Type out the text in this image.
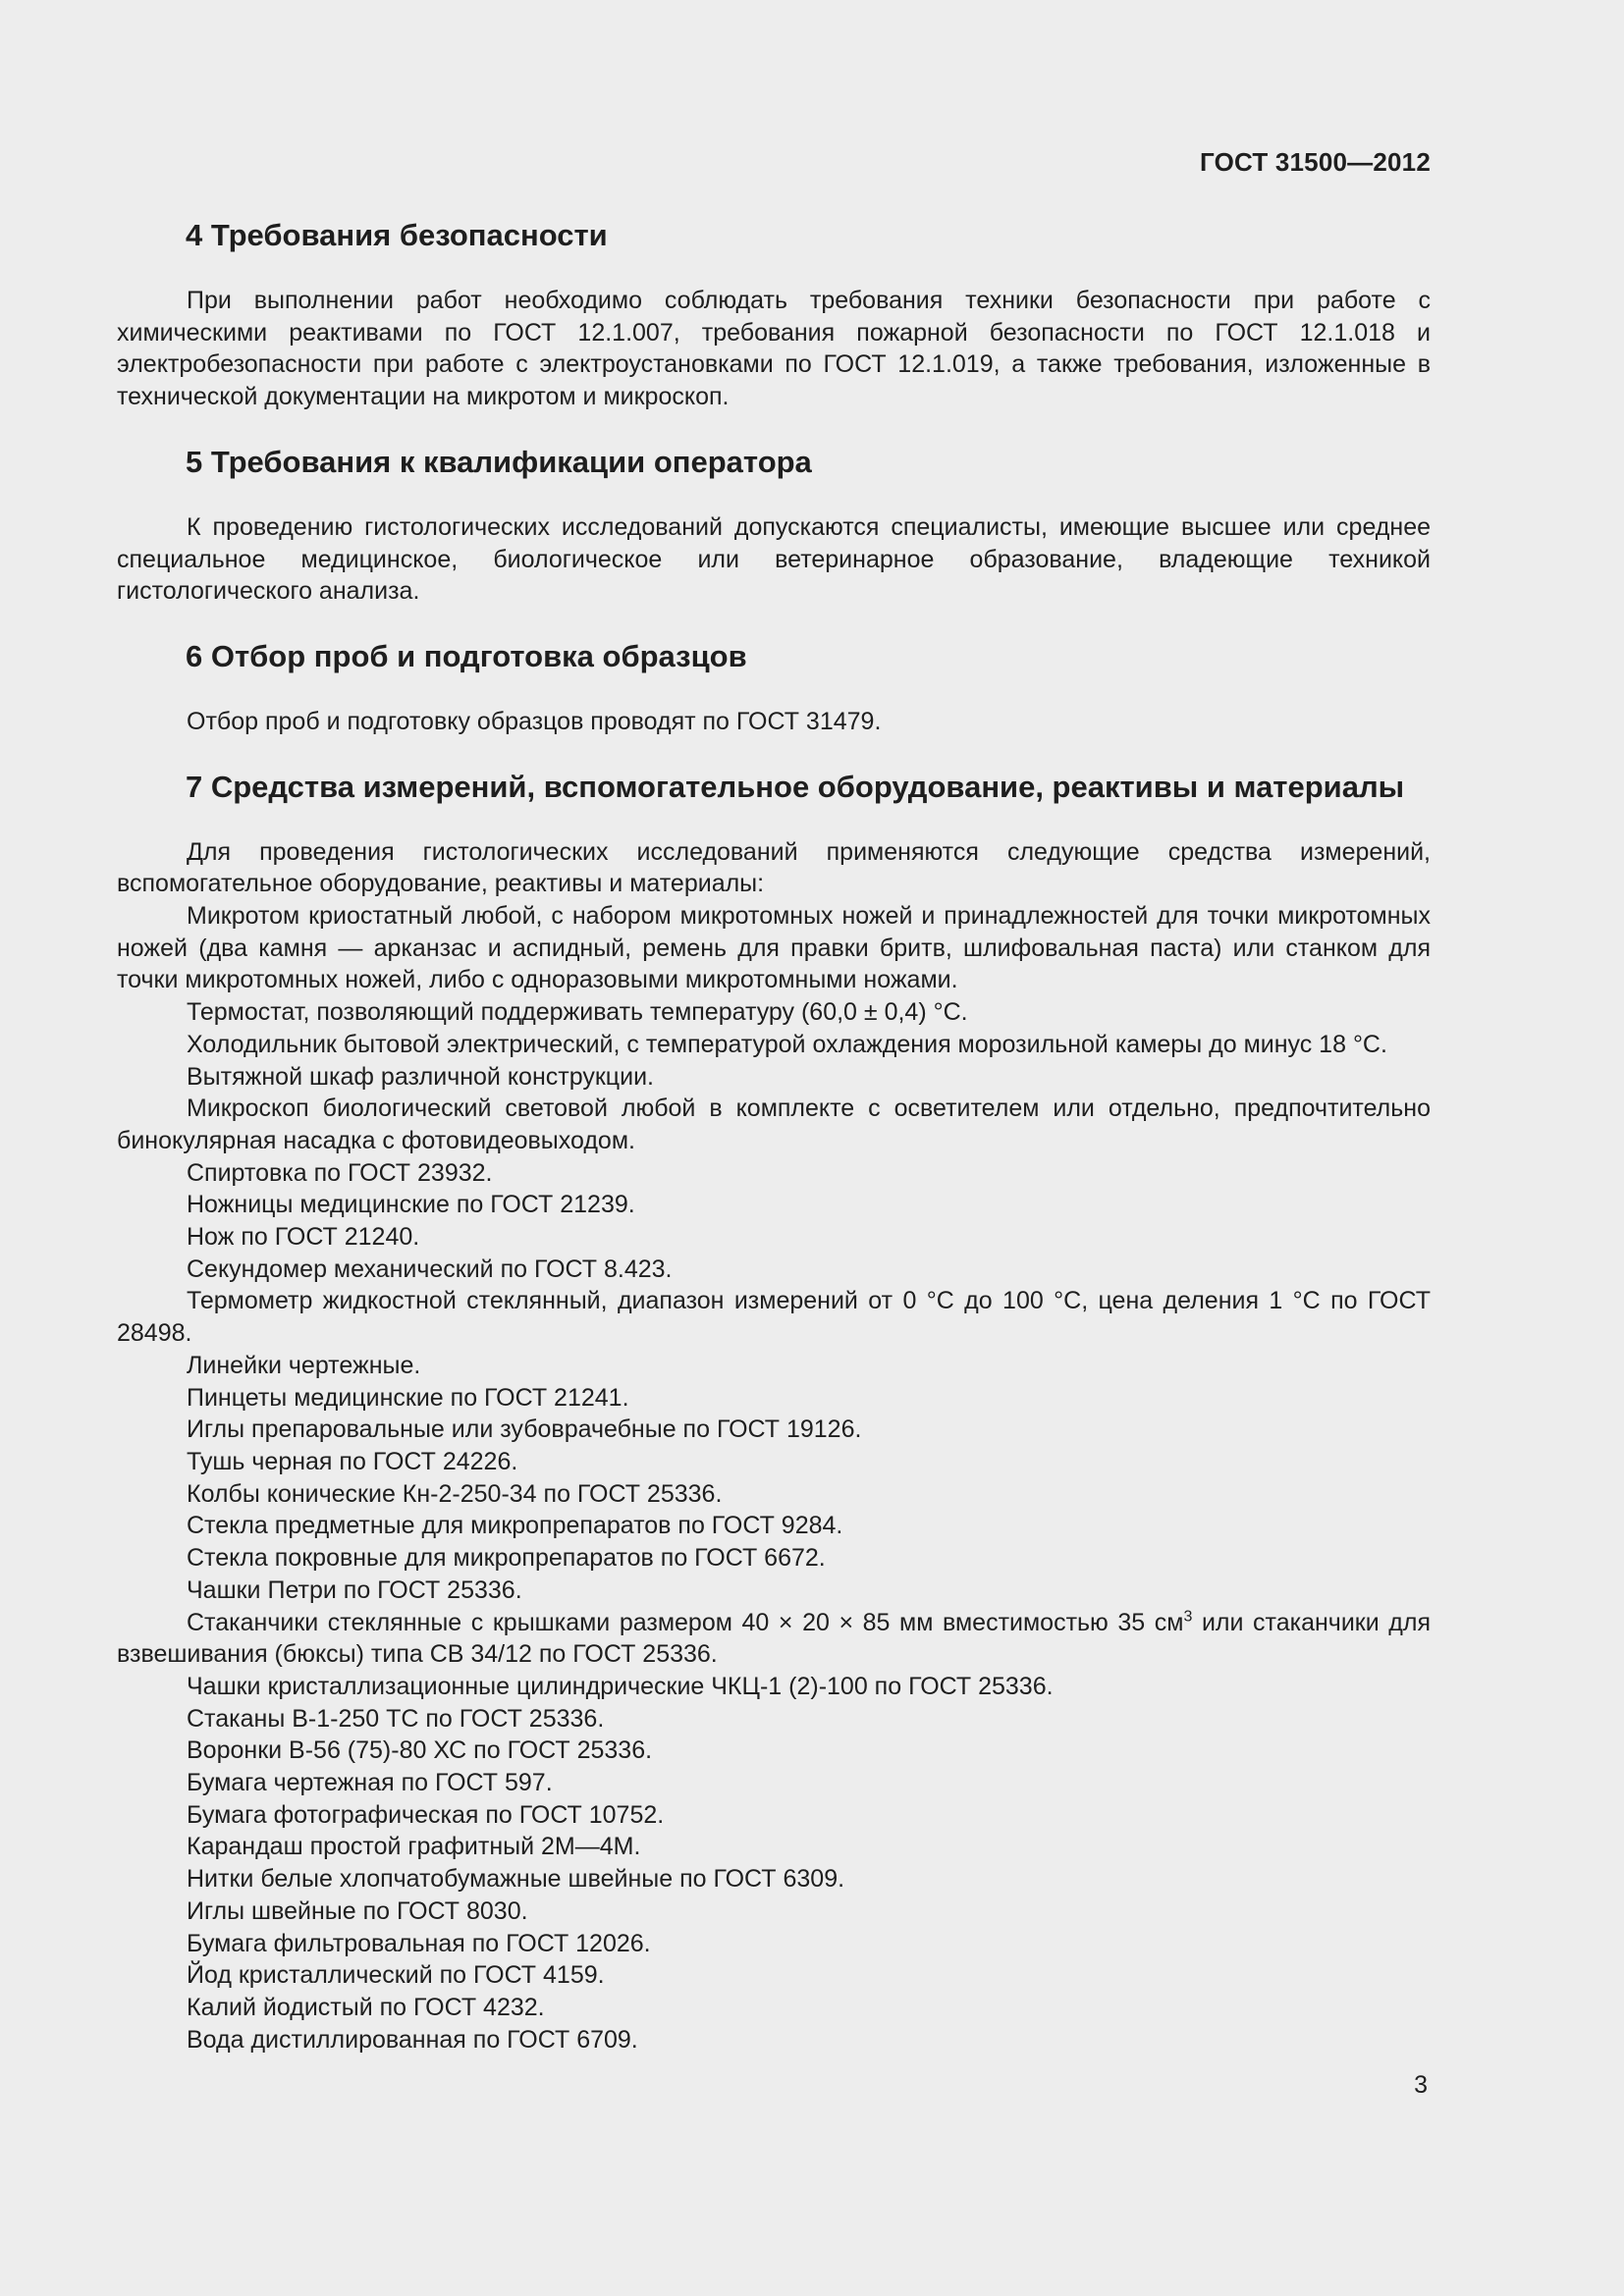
ГОСТ 31500—2012
4 Требования безопасности

При выполнении работ необходимо соблюдать требования техники безопасности при работе с химическими реактивами по ГОСТ 12.1.007, требования пожарной безопасности по ГОСТ 12.1.018 и электробезопасности при работе с электроустановками по ГОСТ 12.1.019, а также требования, изложенные в технической документации на микротом и микроскоп.

5 Требования к квалификации оператора

К проведению гистологических исследований допускаются специалисты, имеющие высшее или среднее специальное медицинское, биологическое или ветеринарное образование, владеющие техникой гистологического анализа.

6 Отбор проб и подготовка образцов

Отбор проб и подготовку образцов проводят по ГОСТ 31479.

7 Средства измерений, вспомогательное оборудование, реактивы и материалы

Для проведения гистологических исследований применяются следующие средства измерений, вспомогательное оборудование, реактивы и материалы:

Микротом криостатный любой, с набором микротомных ножей и принадлежностей для точки микротомных ножей (два камня — арканзас и аспидный, ремень для правки бритв, шлифовальная паста) или станком для точки микротомных ножей, либо с одноразовыми микротомными ножами.

Термостат, позволяющий поддерживать температуру (60,0 ± 0,4) °С.

Холодильник бытовой электрический, с температурой охлаждения морозильной камеры до минус 18 °С.

Вытяжной шкаф различной конструкции.

Микроскоп биологический световой любой в комплекте с осветителем или отдельно, предпочтительно бинокулярная насадка с фотовидеовыходом.

Спиртовка по ГОСТ 23932.

Ножницы медицинские по ГОСТ 21239.

Нож по ГОСТ 21240.

Секундомер механический по ГОСТ 8.423.

Термометр жидкостной стеклянный, диапазон измерений от 0 °С до 100 °С, цена деления 1 °С по ГОСТ 28498.

Линейки чертежные.

Пинцеты медицинские по ГОСТ 21241.

Иглы препаровальные или зубоврачебные по ГОСТ 19126.

Тушь черная по ГОСТ 24226.

Колбы конические Кн-2-250-34 по ГОСТ 25336.

Стекла предметные для микропрепаратов по ГОСТ 9284.

Стекла покровные для микропрепаратов по ГОСТ 6672.

Чашки Петри по ГОСТ 25336.

Стаканчики стеклянные с крышками размером 40 × 20 × 85 мм вместимостью 35 $см^3$ или стаканчики для взвешивания (бюксы) типа СВ 34/12 по ГОСТ 25336.

Чашки кристаллизационные цилиндрические ЧКЦ-1 (2)-100 по ГОСТ 25336.

Стаканы В-1-250 ТС по ГОСТ 25336.

Воронки В-56 (75)-80 ХС по ГОСТ 25336.

Бумага чертежная по ГОСТ 597.

Бумага фотографическая по ГОСТ 10752.

Карандаш простой графитный 2М—4М.

Нитки белые хлопчатобумажные швейные по ГОСТ 6309.

Иглы швейные по ГОСТ 8030.

Бумага фильтровальная по ГОСТ 12026.

Йод кристаллический по ГОСТ 4159.

Калий йодистый по ГОСТ 4232.

Вода дистиллированная по ГОСТ 6709.

3
